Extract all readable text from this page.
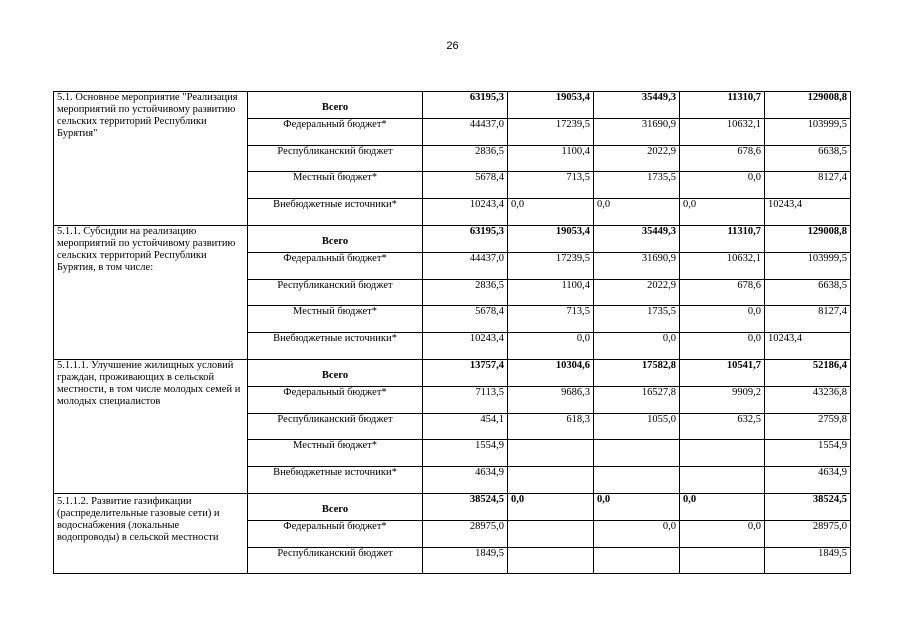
26
5.1. Основное мероприятие "Реализация мероприятий по устойчивому развитию сельских территорий Республики Бурятия"	Всего	63195,3	19053,4	35449,3	11310,7	129008,8
	Федеральный бюджет*	44437,0	17239,5	31690,9	10632,1	103999,5
	Республиканский бюджет	2836,5	1100,4	2022,9	678,6	6638,5
	Местный бюджет*	5678,4	713,5	1735,5	0,0	8127,4
	Внебюджетные источники*	10243,4	0,0	0,0	0,0	10243,4
5.1.1. Субсидии на реализацию мероприятий по устойчивому развитию сельских территорий Республики Бурятия, в том числе:	Всего	63195,3	19053,4	35449,3	11310,7	129008,8
	Федеральный бюджет*	44437,0	17239,5	31690,9	10632,1	103999,5
	Республиканский бюджет	2836,5	1100,4	2022,9	678,6	6638,5
	Местный бюджет*	5678,4	713,5	1735,5	0,0	8127,4
	Внебюджетные источники*	10243,4	0,0	0,0	0,0	10243,4
5.1.1.1. Улучшение жилищных условий граждан, проживающих в сельской местности, в том числе молодых семей и молодых специалистов	Всего	13757,4	10304,6	17582,8	10541,7	52186,4
	Федеральный бюджет*	7113,5	9686,3	16527,8	9909,2	43236,8
	Республиканский бюджет	454,1	618,3	1055,0	632,5	2759,8
	Местный бюджет*	1554,9				1554,9
	Внебюджетные источники*	4634,9				4634,9
5.1.1.2. Развитие газификации (распределительные газовые сети) и водоснабжения (локальные водопроводы) в сельской местности	Всего	38524,5	0,0	0,0	0,0	38524,5
	Федеральный бюджет*	28975,0		0,0	0,0	28975,0
	Республиканский бюджет	1849,5				1849,5
